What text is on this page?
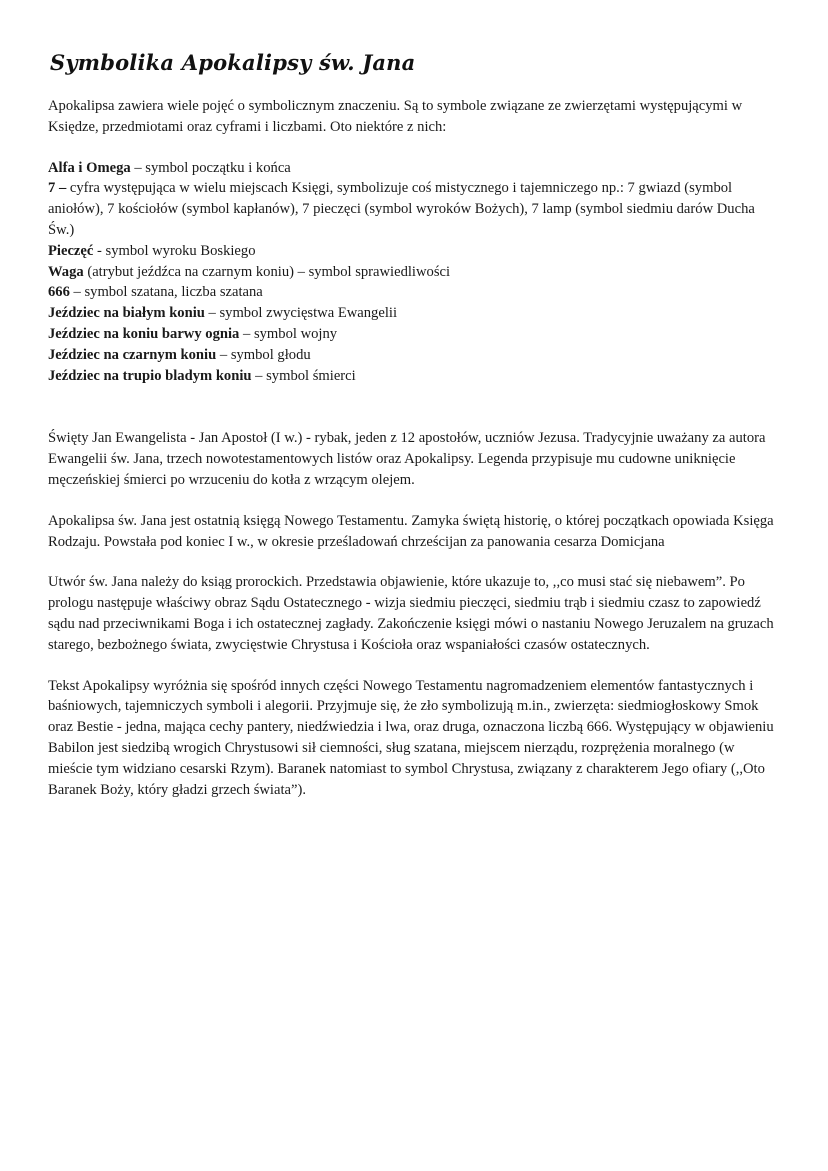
Symbolika Apokalipsy św. Jana

Apokalipsa zawiera wiele pojęć o symbolicznym znaczeniu. Są to symbole związane ze zwierzętami występującymi w Księdze, przedmiotami oraz cyframi i liczbami. Oto niektóre z nich:

Alfa i Omega – symbol początku i końca
7 – cyfra występująca w wielu miejscach Księgi, symbolizuje coś mistycznego i tajemniczego np.: 7 gwiazd (symbol aniołów), 7 kościołów (symbol kapłanów), 7 pieczęci (symbol wyroków Bożych), 7 lamp (symbol siedmiu darów Ducha Św.)
Pieczęć - symbol wyroku Boskiego
Waga (atrybut jeźdźca na czarnym koniu) – symbol sprawiedliwości
666 – symbol szatana, liczba szatana
Jeździec na białym koniu – symbol zwycięstwa Ewangelii
Jeździec na koniu barwy ognia – symbol wojny
Jeździec na czarnym koniu – symbol głodu
Jeździec na trupio bladym koniu – symbol śmierci

Święty Jan Ewangelista - Jan Apostoł (I w.) - rybak, jeden z 12 apostołów, uczniów Jezusa. Tradycyjnie uważany za autora Ewangelii św. Jana, trzech nowotestamentowych listów oraz Apokalipsy. Legenda przypisuje mu cudowne uniknięcie męczeńskiej śmierci po wrzuceniu do kotła z wrzącym olejem.

Apokalipsa św. Jana jest ostatnią księgą Nowego Testamentu. Zamyka świętą historię, o której początkach opowiada Księga Rodzaju. Powstała pod koniec I w., w okresie prześladowań chrześcijan za panowania cesarza Domicjana

Utwór św. Jana należy do ksiąg prorockich. Przedstawia objawienie, które ukazuje to, ,,co musi stać się niebawem”. Po prologu następuje właściwy obraz Sądu Ostatecznego - wizja siedmiu pieczęci, siedmiu trąb i siedmiu czasz to zapowiedź sądu nad przeciwnikami Boga i ich ostatecznej zagłady. Zakończenie księgi mówi o nastaniu Nowego Jeruzalem na gruzach starego, bezbożnego świata, zwycięstwie Chrystusa i Kościoła oraz wspaniałości czasów ostatecznych.

Tekst Apokalipsy wyróżnia się spośród innych części Nowego Testamentu nagromadzeniem elementów fantastycznych i baśniowych, tajemniczych symboli i alegorii. Przyjmuje się, że zło symbolizują m.in., zwierzęta: siedmiogłoskowy Smok oraz Bestie - jedna, mająca cechy pantery, niedźwiedzia i lwa, oraz druga, oznaczona liczbą 666. Występujący w objawieniu Babilon jest siedzibą wrogich Chrystusowi sił ciemności, sług szatana, miejscem nierządu, rozprężenia moralnego (w mieście tym widziano cesarski Rzym). Baranek natomiast to symbol Chrystusa, związany z charakterem Jego ofiary (,,Oto Baranek Boży, który gładzi grzech świata”).
